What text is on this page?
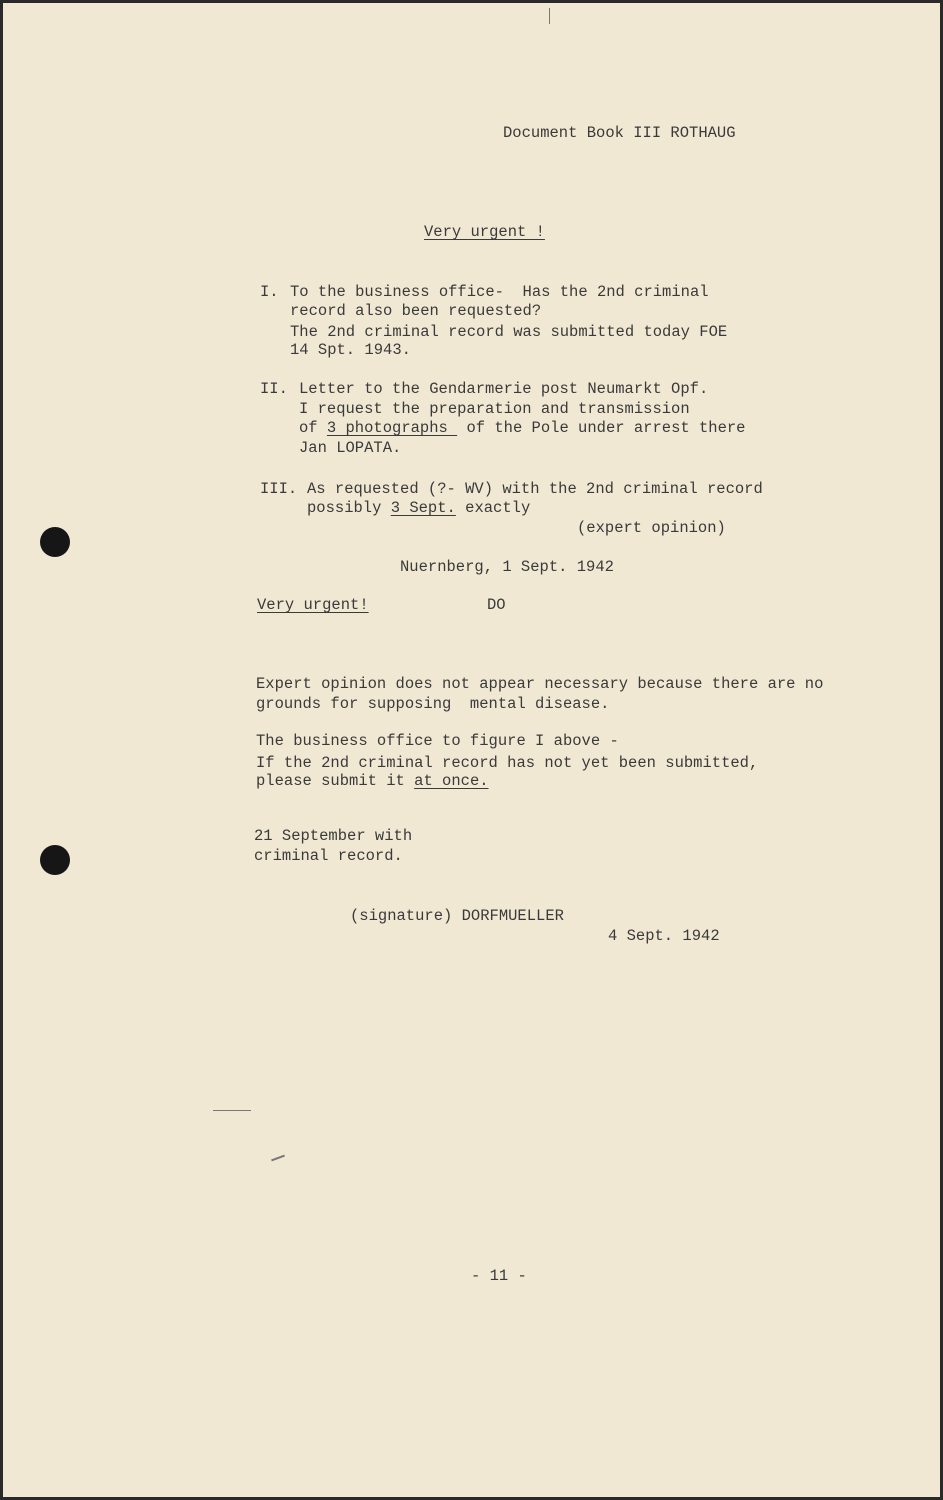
Document Book III ROTHAUG
Very urgent !
I. To the business office-  Has the 2nd criminal
record also been requested?
The 2nd criminal record was submitted today FOE
14 Spt. 1943.
II. Letter to the Gendarmerie post Neumarkt Opf.
I request the preparation and transmission
of 3 photographs  of the Pole under arrest there
Jan LOPATA.
III. As requested (?- WV) with the 2nd criminal record
possibly 3 Sept. exactly
(expert opinion)
Nuernberg, 1 Sept. 1942
Very urgent!	DO
Expert opinion does not appear necessary because there are no
grounds for supposing  mental disease.
The business office to figure I above -
If the 2nd criminal record has not yet been submitted,
please submit it at once.
21 September with
criminal record.
(signature) DORFMUELLER
4 Sept. 1942
- 11 -
